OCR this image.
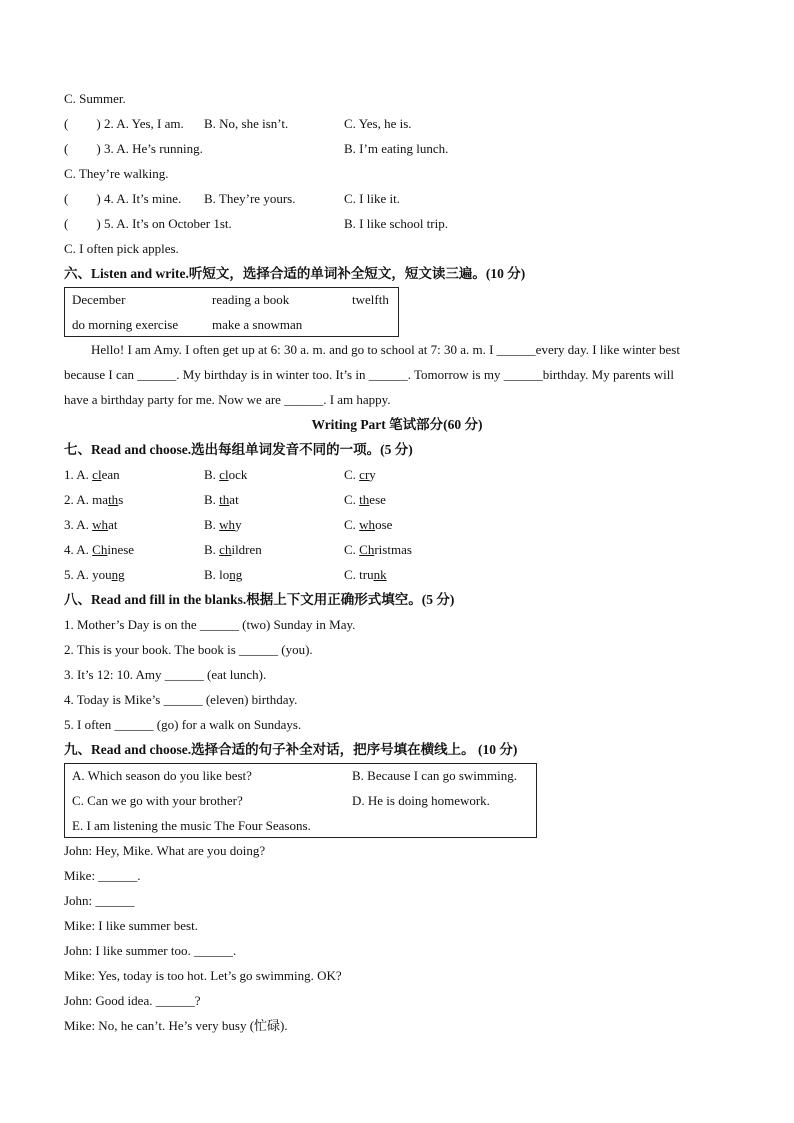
C. Summer.
( ) 2. A. Yes, I am. B. No, she isn’t.	C. Yes, he is.
( ) 3. A. He’s running.	B. I’m eating lunch.
C. They’re walking.
( ) 4. A. It’s mine. B. They’re yours.	C. I like it.
( ) 5. A. It’s on October 1st.	B. I like school trip.
C. I often pick apples.
六、Listen and write.听短文，选择合适的单词补全短文，短文读三遍。(10 分)
December	reading a book	twelfth
do morning exercise	make a snowman
Hello! I am Amy. I often get up at 6: 30 a. m. and go to school at 7: 30 a. m. I ______every day. I like winter best
because I can ______. My birthday is in winter too. It’s in ______. Tomorrow is my ______birthday. My parents will
have a birthday party for me. Now we are ______. I am happy.
Writing Part 笔试部分(60 分)
七、Read and choose.选出每组单词发音不同的一项。(5 分)
1. A. clean	B. clock	C. cry
2. A. maths	B. that	C. these
3. A. what	B. why	C. whose
4. A. Chinese	B. children	C. Christmas
5. A. young	B. long	C. trunk
八、Read and fill in the blanks.根据上下文用正确形式填空。(5 分)
1. Mother’s Day is on the ______ (two) Sunday in May.
2. This is your book. The book is ______ (you).
3. It’s 12: 10. Amy ______ (eat lunch).
4. Today is Mike’s ______ (eleven) birthday.
5. I often ______ (go) for a walk on Sundays.
九、Read and choose.选择合适的句子补全对话，把序号填在横线上。 (10 分)
A. Which season do you like best?	B. Because I can go swimming.
C. Can we go with your brother?	D. He is doing homework.
E. I am listening the music The Four Seasons.
John: Hey, Mike. What are you doing?
Mike: ______.
John: ______
Mike: I like summer best.
John: I like summer too. ______.
Mike: Yes, today is too hot. Let’s go swimming. OK?
John: Good idea. ______?
Mike: No, he can’t. He’s very busy (忙碌).
